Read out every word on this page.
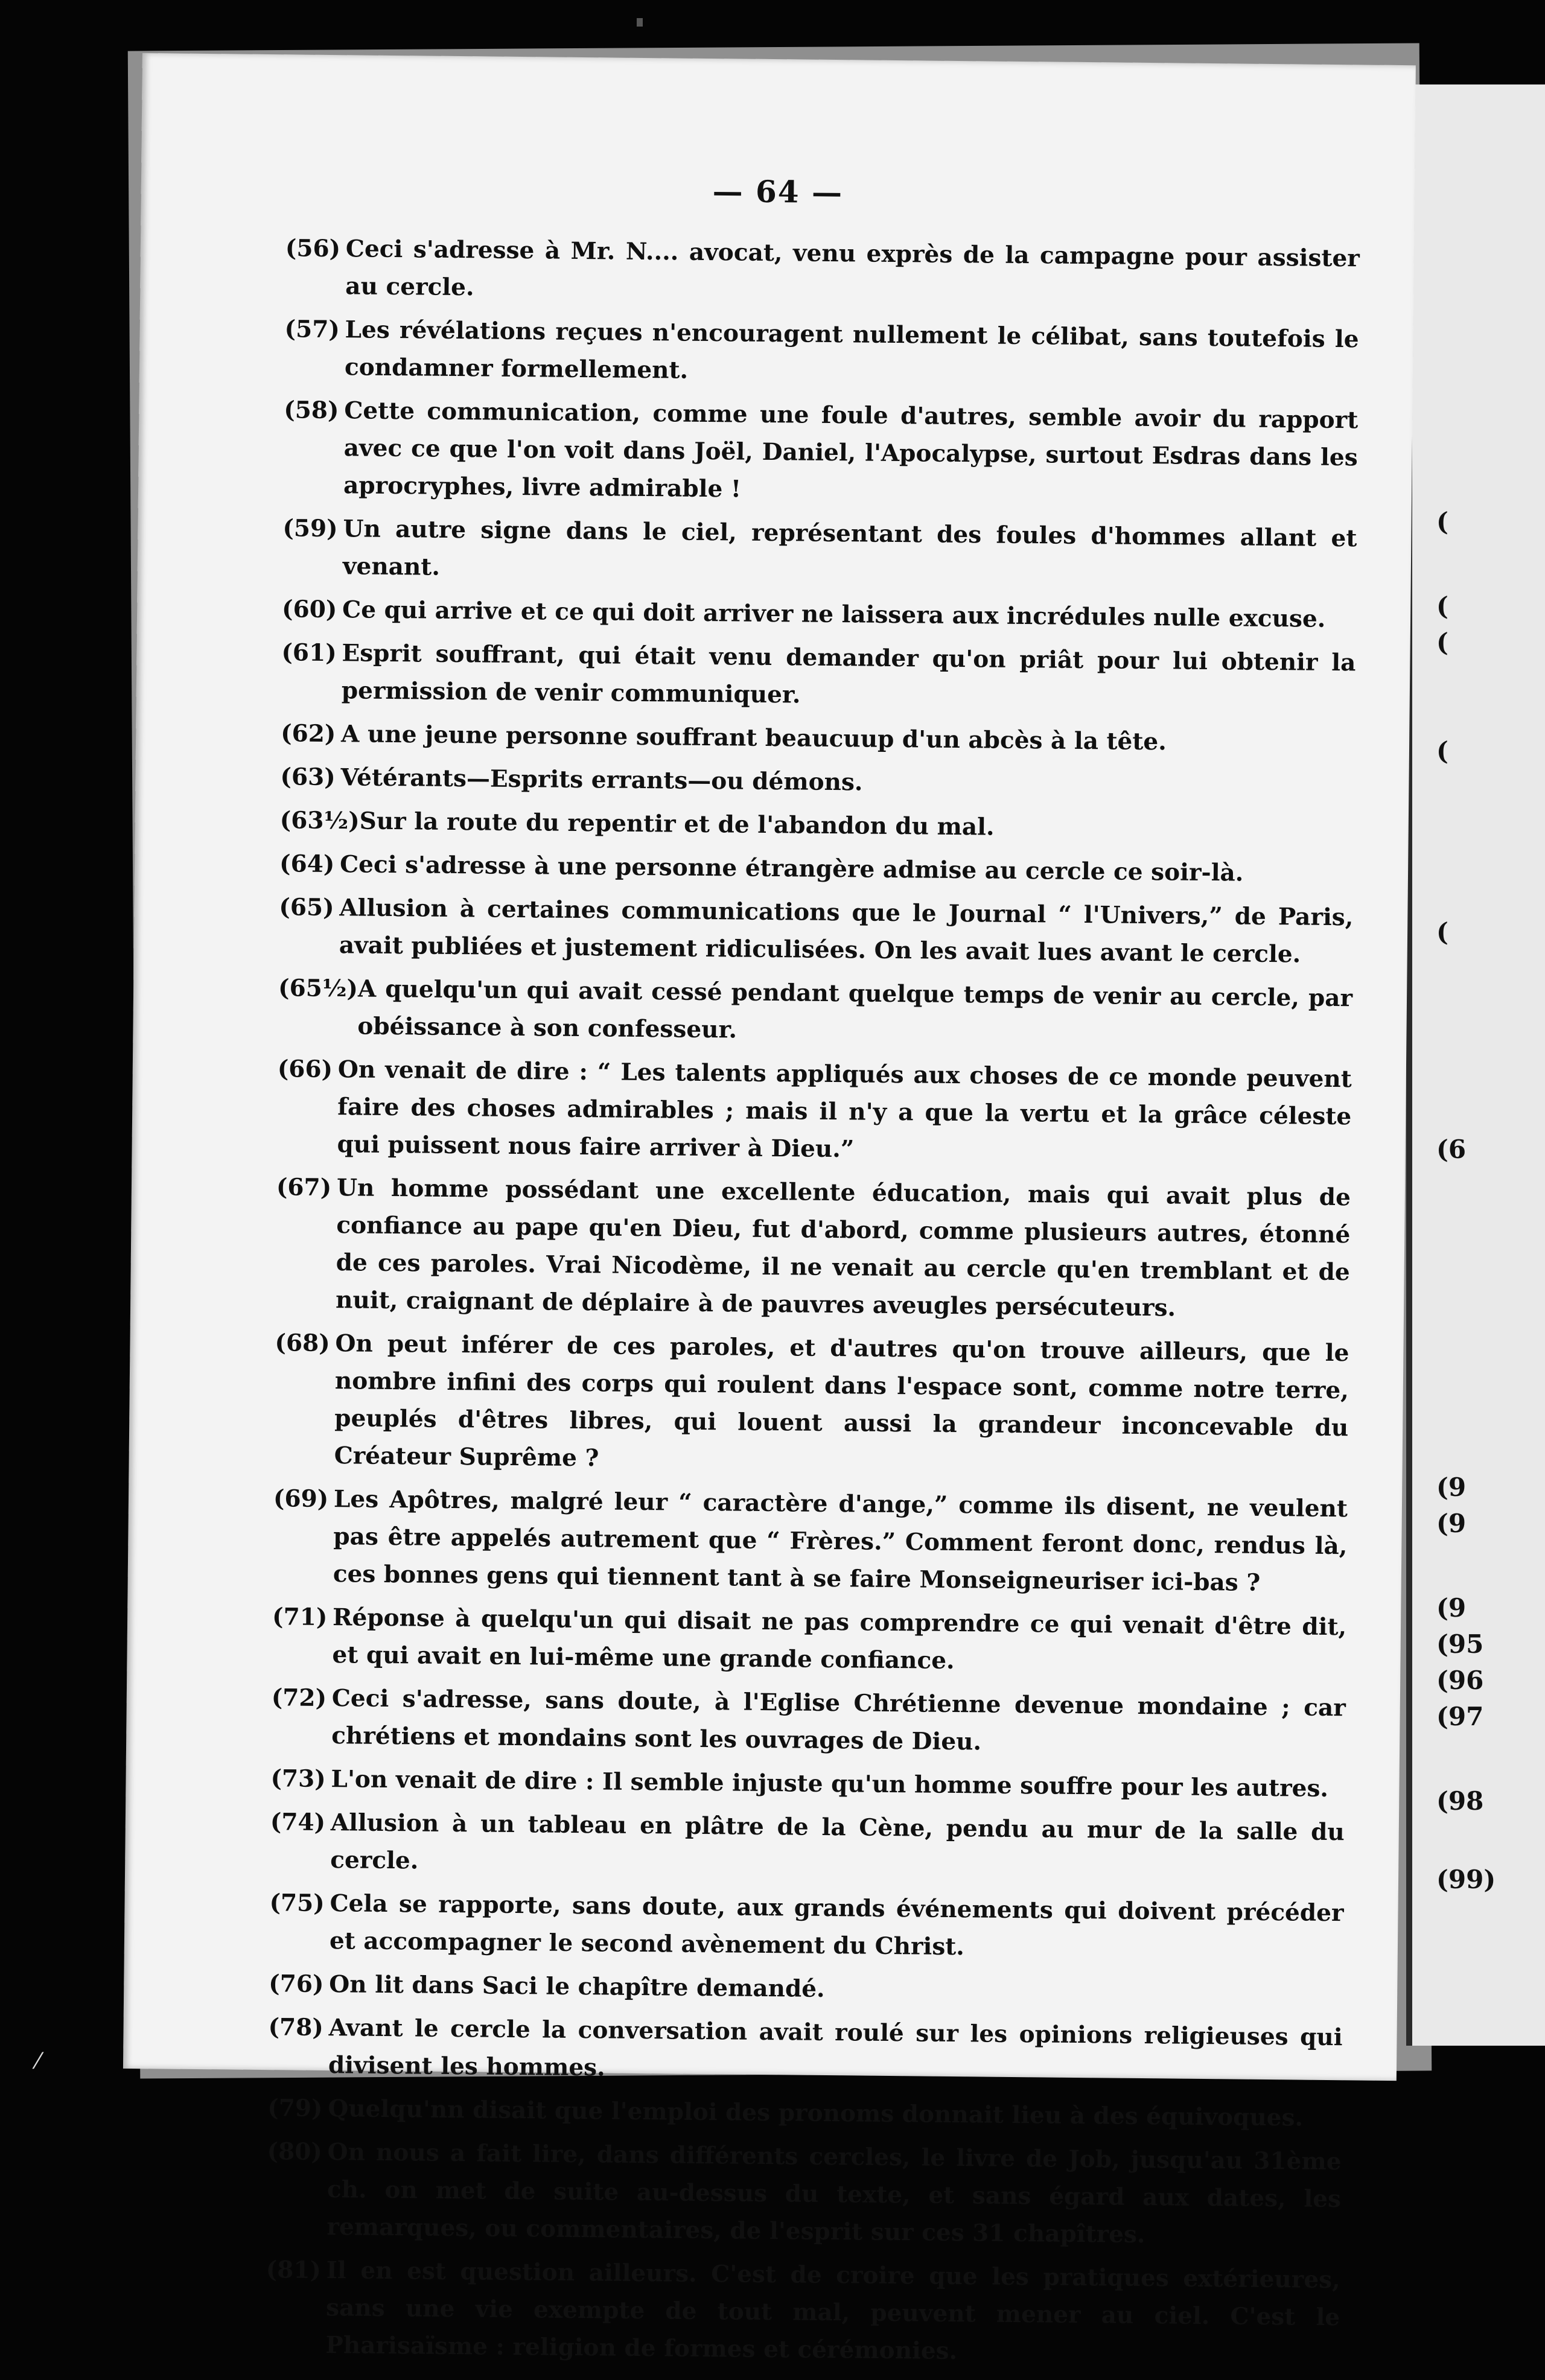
(
(
(
(
(
(6
(9
(9
(9
(95
(96
(97
(98
(99)
— 64 —
(56) Ceci s'adresse à Mr. N.... avocat, venu exprès de la campagne pour assister au cercle.
(57) Les révélations reçues n'encouragent nullement le célibat, sans toutefois le condamner formellement.
(58) Cette communication, comme une foule d'autres, semble avoir du rapport avec ce que l'on voit dans Joël, Daniel, l'Apocalypse, surtout Esdras dans les aprocryphes, livre admirable !
(59) Un autre signe dans le ciel, représentant des foules d'hommes allant et venant.
(60) Ce qui arrive et ce qui doit arriver ne laissera aux incrédules nulle excuse.
(61) Esprit souffrant, qui était venu demander qu'on priât pour lui obtenir la permission de venir communiquer.
(62) A une jeune personne souffrant beaucuup d'un abcès à la tête.
(63) Vétérants—Esprits errants—ou démons.
(63½) Sur la route du repentir et de l'abandon du mal.
(64) Ceci s'adresse à une personne étrangère admise au cercle ce soir-là.
(65) Allusion à certaines communications que le Journal “ l'Univers,” de Paris, avait publiées et justement ridiculisées. On les avait lues avant le cercle.
(65½) A quelqu'un qui avait cessé pendant quelque temps de venir au cercle, par obéissance à son confesseur.
(66) On venait de dire : “ Les talents appliqués aux choses de ce monde peuvent faire des choses admirables ; mais il n'y a que la vertu et la grâce céleste qui puissent nous faire arriver à Dieu.”
(67) Un homme possédant une excellente éducation, mais qui avait plus de confiance au pape qu'en Dieu, fut d'abord, comme plusieurs autres, étonné de ces paroles. Vrai Nicodème, il ne venait au cercle qu'en tremblant et de nuit, craignant de déplaire à de pauvres aveugles persécuteurs.
(68) On peut inférer de ces paroles, et d'autres qu'on trouve ailleurs, que le nombre infini des corps qui roulent dans l'espace sont, comme notre terre, peuplés d'êtres libres, qui louent aussi la grandeur inconcevable du Créateur Suprême ?
(69) Les Apôtres, malgré leur “ caractère d'ange,” comme ils disent, ne veulent pas être appelés autrement que “ Frères.” Comment feront donc, rendus là, ces bonnes gens qui tiennent tant à se faire Monseigneuriser ici-bas ?
(71) Réponse à quelqu'un qui disait ne pas comprendre ce qui venait d'être dit, et qui avait en lui-même une grande confiance.
(72) Ceci s'adresse, sans doute, à l'Eglise Chrétienne devenue mondaine ; car chrétiens et mondains sont les ouvrages de Dieu.
(73) L'on venait de dire : Il semble injuste qu'un homme souffre pour les autres.
(74) Allusion à un tableau en plâtre de la Cène, pendu au mur de la salle du cercle.
(75) Cela se rapporte, sans doute, aux grands événements qui doivent précéder et accompagner le second avènement du Christ.
(76) On lit dans Saci le chapître demandé.
(78) Avant le cercle la conversation avait roulé sur les opinions religieuses qui divisent les hommes.
(79) Quelqu'nn disait que l'emploi des pronoms donnait lieu à des équivoques.
(80) On nous a fait lire, dans différents cercles, le livre de Job, jusqu'au 31ème ch. on met de suite au-dessus du texte, et sans égard aux dates, les remarques, ou commentaires, de l'esprit sur ces 31 chapîtres.
(81) Il en est question ailleurs. C'est de croire que les pratiques extérieures, sans une vie exempte de tout mal, peuvent mener au ciel. C'est le Pharisaïsme : religion de formes et cérémonies.
⁄
